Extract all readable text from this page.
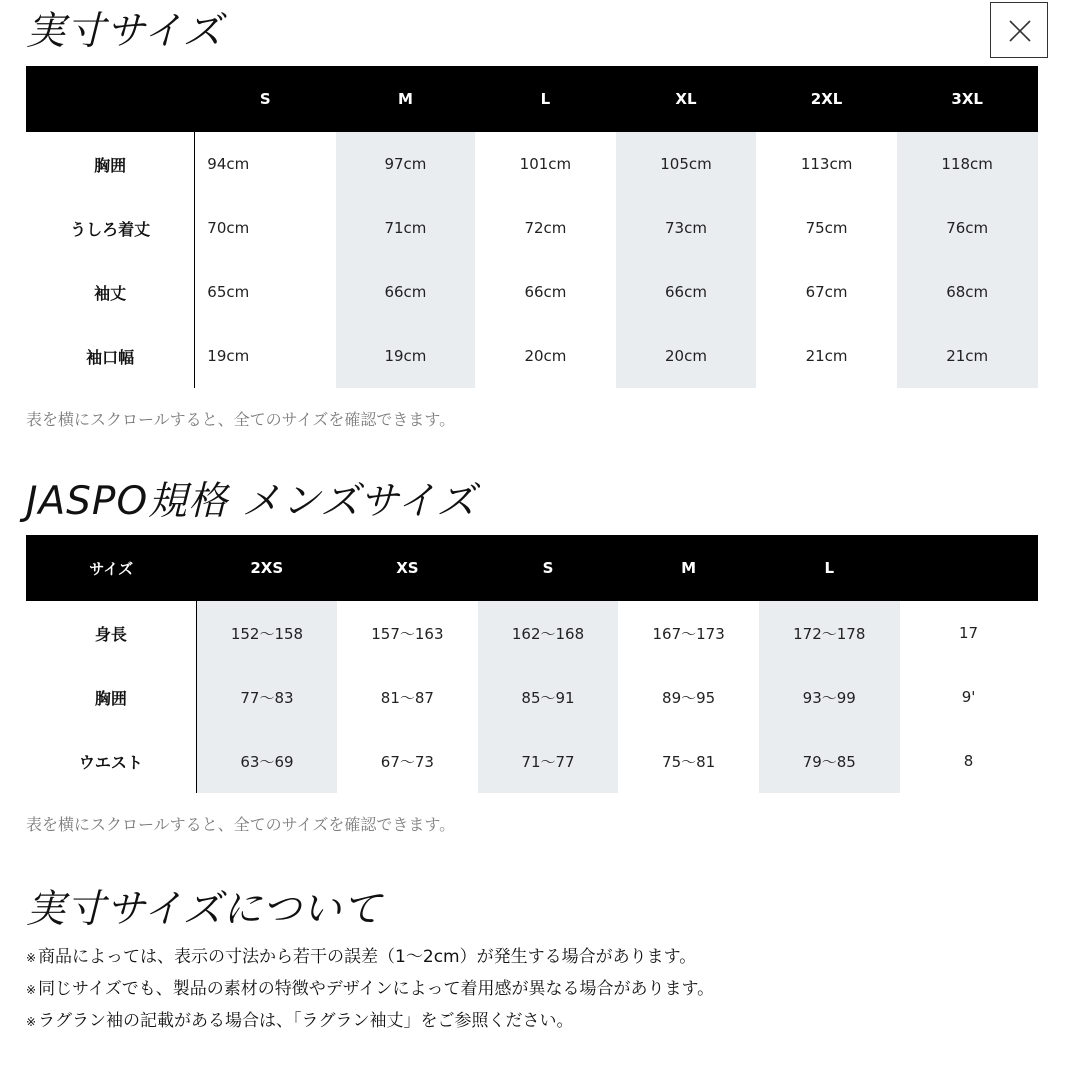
実寸サイズ
	S	M	L	XL	2XL	3XL
胸囲	94cm	97cm	101cm	105cm	113cm	118cm
うしろ着丈	70cm	71cm	72cm	73cm	75cm	76cm
袖丈	65cm	66cm	66cm	66cm	67cm	68cm
袖口幅	19cm	19cm	20cm	20cm	21cm	21cm

表を横にスクロールすると、全てのサイズを確認できます。

JASPO規格 メンズサイズ
サイズ	2XS	XS	S	M	L	
身長	152〜158	157〜163	162〜168	167〜173	172〜178	17
胸囲	77〜83	81〜87	85〜91	89〜95	93〜99	9'
ウエスト	63〜69	67〜73	71〜77	75〜81	79〜85	8

表を横にスクロールすると、全てのサイズを確認できます。

実寸サイズについて
※ 商品によっては、表示の寸法から若干の誤差（1〜2cm）が発生する場合があります。
※ 同じサイズでも、製品の素材の特徴やデザインによって着用感が異なる場合があります。
※ ラグラン袖の記載がある場合は、「ラグラン袖丈」をご参照ください。
